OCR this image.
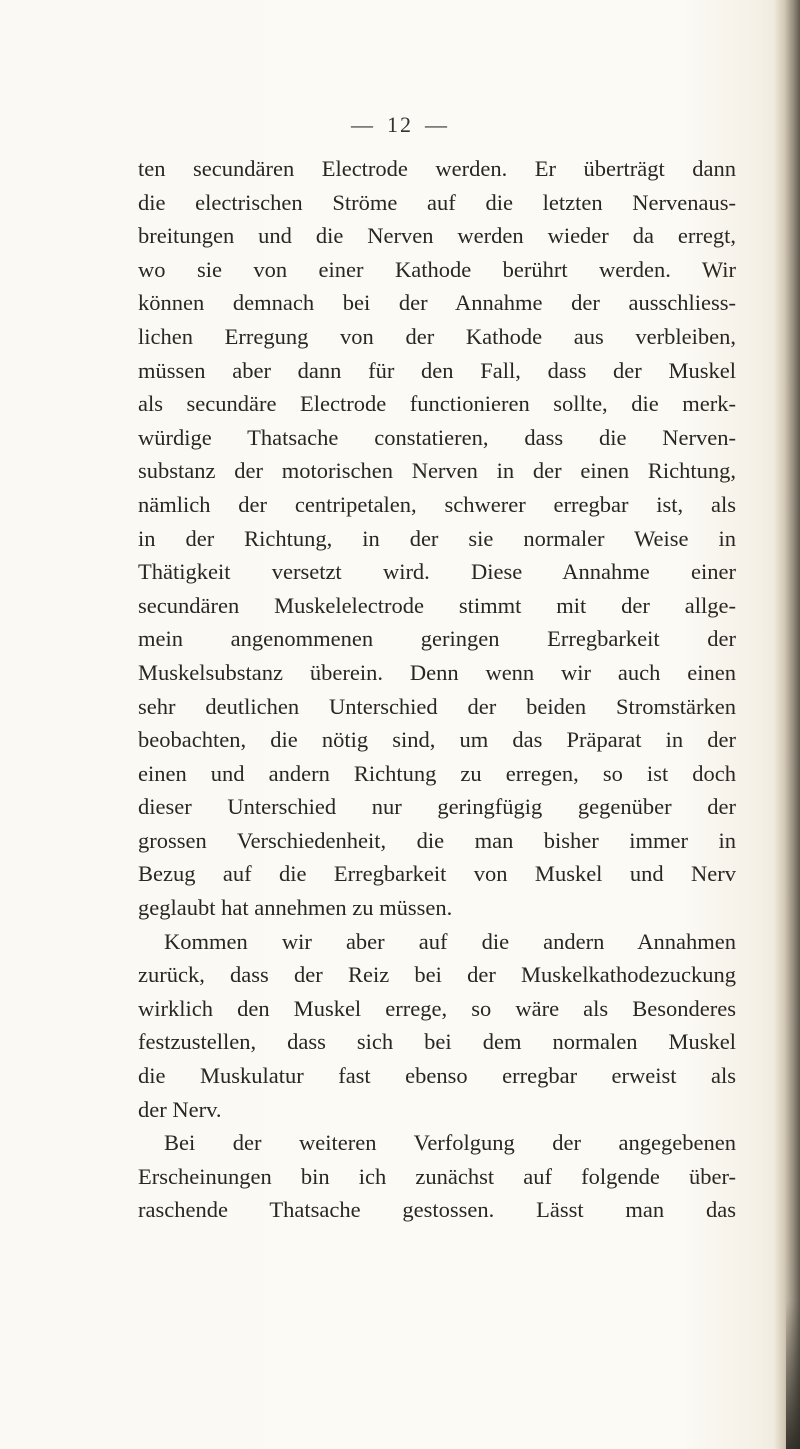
— 12 —
ten secundären Electrode werden. Er überträgt dann
die electrischen Ströme auf die letzten Nervenaus-
breitungen und die Nerven werden wieder da erregt,
wo sie von einer Kathode berührt werden. Wir
können demnach bei der Annahme der ausschliess-
lichen Erregung von der Kathode aus verbleiben,
müssen aber dann für den Fall, dass der Muskel
als secundäre Electrode functionieren sollte, die merk-
würdige Thatsache constatieren, dass die Nerven-
substanz der motorischen Nerven in der einen Richtung,
nämlich der centripetalen, schwerer erregbar ist, als
in der Richtung, in der sie normaler Weise in
Thätigkeit versetzt wird. Diese Annahme einer
secundären Muskelelectrode stimmt mit der allge-
mein angenommenen geringen Erregbarkeit der
Muskelsubstanz überein. Denn wenn wir auch einen
sehr deutlichen Unterschied der beiden Stromstärken
beobachten, die nötig sind, um das Präparat in der
einen und andern Richtung zu erregen, so ist doch
dieser Unterschied nur geringfügig gegenüber der
grossen Verschiedenheit, die man bisher immer in
Bezug auf die Erregbarkeit von Muskel und Nerv
geglaubt hat annehmen zu müssen.
Kommen wir aber auf die andern Annahmen
zurück, dass der Reiz bei der Muskelkathodezuckung
wirklich den Muskel errege, so wäre als Besonderes
festzustellen, dass sich bei dem normalen Muskel
die Muskulatur fast ebenso erregbar erweist als
der Nerv.
Bei der weiteren Verfolgung der angegebenen
Erscheinungen bin ich zunächst auf folgende über-
raschende Thatsache gestossen. Lässt man das
